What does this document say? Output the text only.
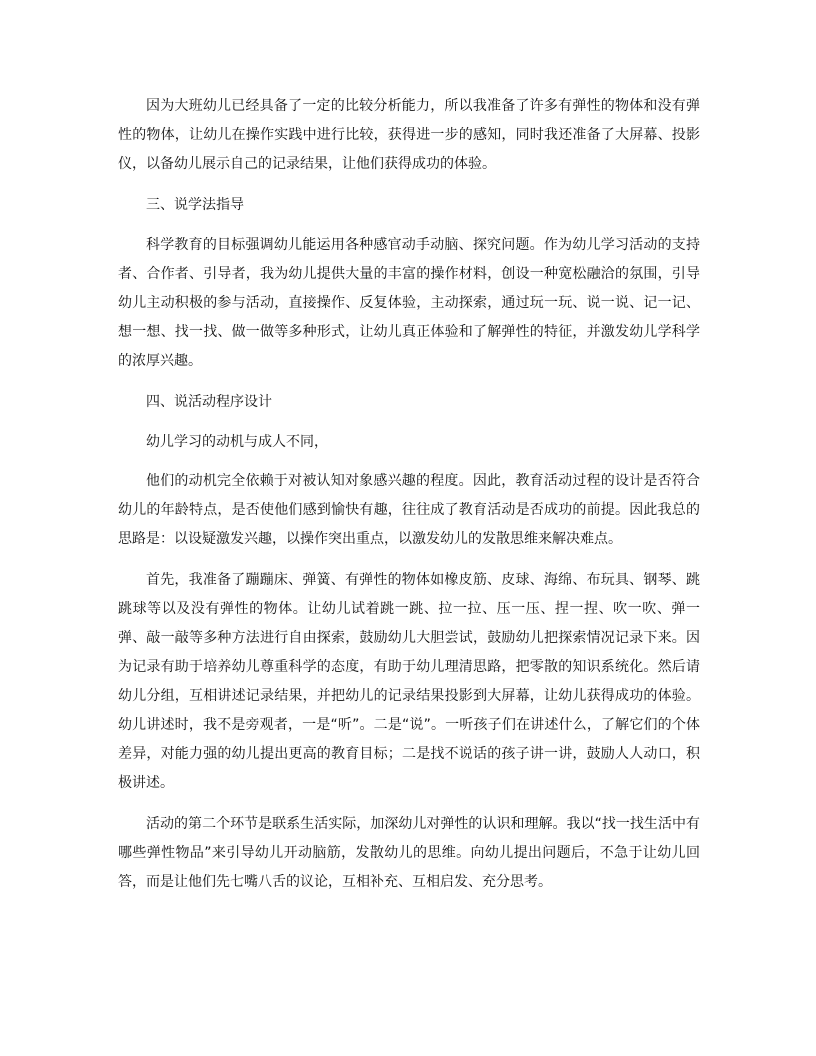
因为大班幼儿已经具备了一定的比较分析能力，所以我准备了许多有弹性的物体和没有弹性的物体，让幼儿在操作实践中进行比较，获得进一步的感知，同时我还准备了大屏幕、投影仪，以备幼儿展示自己的记录结果，让他们获得成功的体验。

三、说学法指导

科学教育的目标强调幼儿能运用各种感官动手动脑、探究问题。作为幼儿学习活动的支持者、合作者、引导者，我为幼儿提供大量的丰富的操作材料，创设一种宽松融洽的氛围，引导幼儿主动积极的参与活动，直接操作、反复体验，主动探索，通过玩一玩、说一说、记一记、想一想、找一找、做一做等多种形式，让幼儿真正体验和了解弹性的特征，并激发幼儿学科学的浓厚兴趣。

四、说活动程序设计

幼儿学习的动机与成人不同，

他们的动机完全依赖于对被认知对象感兴趣的程度。因此，教育活动过程的设计是否符合幼儿的年龄特点，是否使他们感到愉快有趣，往往成了教育活动是否成功的前提。因此我总的思路是：以设疑激发兴趣，以操作突出重点，以激发幼儿的发散思维来解决难点。

首先，我准备了蹦蹦床、弹簧、有弹性的物体如橡皮筋、皮球、海绵、布玩具、钢琴、跳跳球等以及没有弹性的物体。让幼儿试着跳一跳、拉一拉、压一压、捏一捏、吹一吹、弹一弹、敲一敲等多种方法进行自由探索，鼓励幼儿大胆尝试，鼓励幼儿把探索情况记录下来。因为记录有助于培养幼儿尊重科学的态度，有助于幼儿理清思路，把零散的知识系统化。然后请幼儿分组，互相讲述记录结果，并把幼儿的记录结果投影到大屏幕，让幼儿获得成功的体验。幼儿讲述时，我不是旁观者，一是“听”。二是“说”。一听孩子们在讲述什么，了解它们的个体差异，对能力强的幼儿提出更高的教育目标；二是找不说话的孩子讲一讲，鼓励人人动口，积极讲述。

活动的第二个环节是联系生活实际，加深幼儿对弹性的认识和理解。我以“找一找生活中有哪些弹性物品”来引导幼儿开动脑筋，发散幼儿的思维。向幼儿提出问题后，不急于让幼儿回答，而是让他们先七嘴八舌的议论，互相补充、互相启发、充分思考。
